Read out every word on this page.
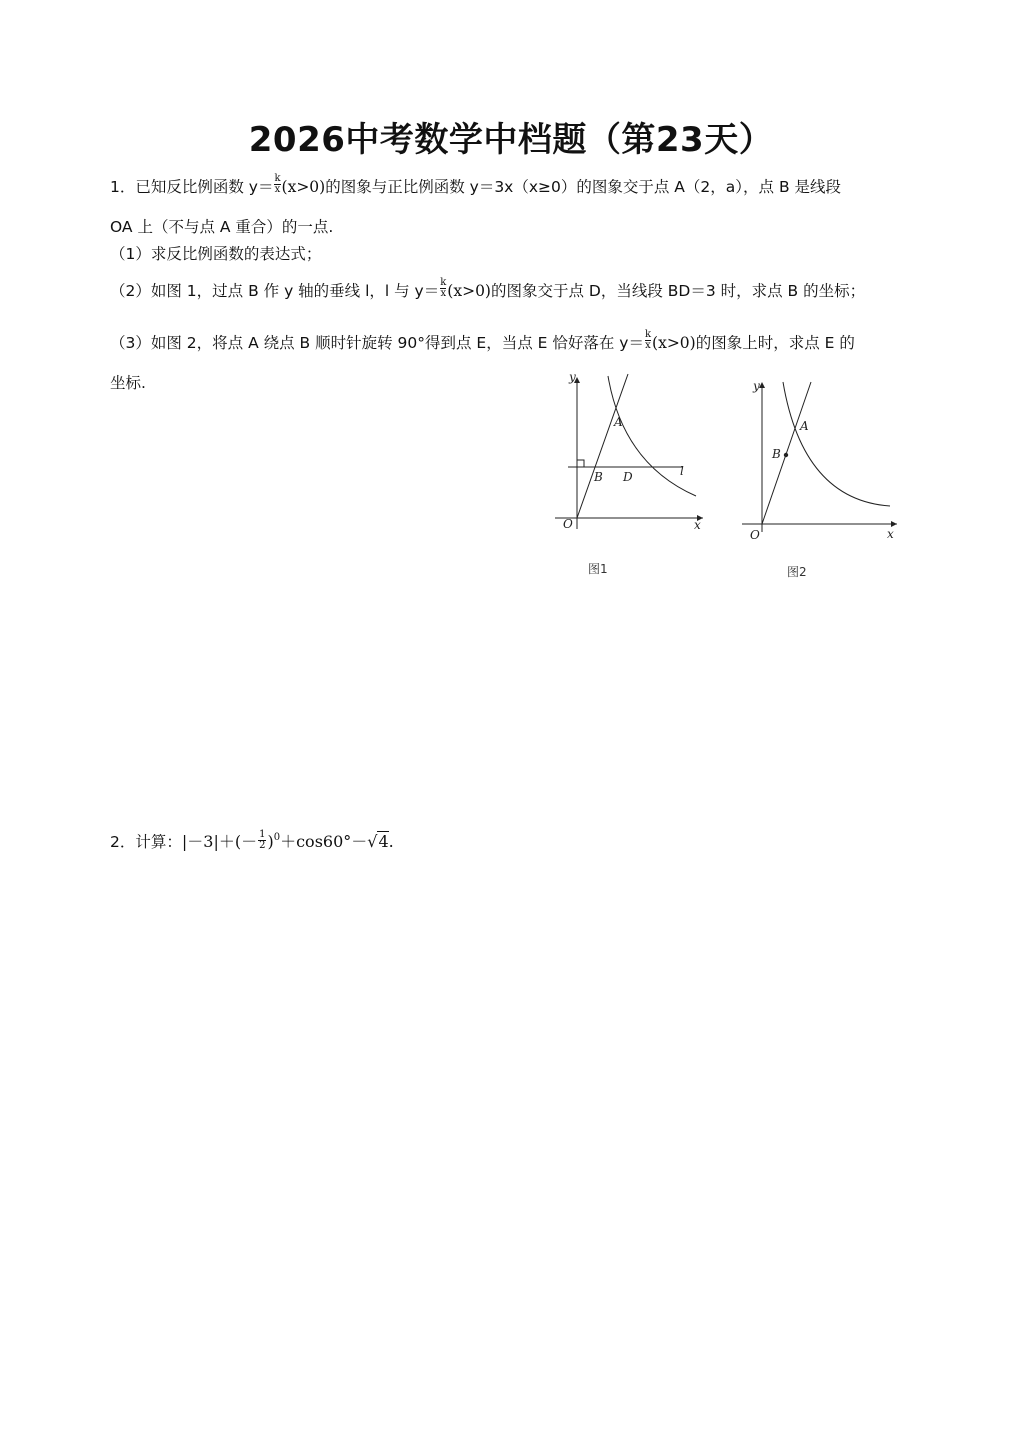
2026中考数学中档题（第23天）
1．已知反比例函数 $y= \frac{k}{x} (x>0)$的图象与正比例函数 y＝3x（x≥0）的图象交于点 A（2，a），点 B 是线段
OA 上（不与点 A 重合）的一点.
（1）求反比例函数的表达式；
（2）如图 1，过点 B 作 y 轴的垂线 l，l 与 $y= \frac{k}{x} (x>0)$的图象交于点 D，当线段 BD＝3 时，求点 B 的坐标；
（3）如图 2，将点 A 绕点 B 顺时针旋转 90°得到点 E，当点 E 恰好落在 $y= \frac{k}{x} (x>0)$的图象上时，求点 E 的
坐标.	y
x
O
A
B D	l
图1
y
x
O
A
B
图2
2．计算：$|-3|+(- \frac{1}{2} )^0+\cos 60^\circ-√4$.
